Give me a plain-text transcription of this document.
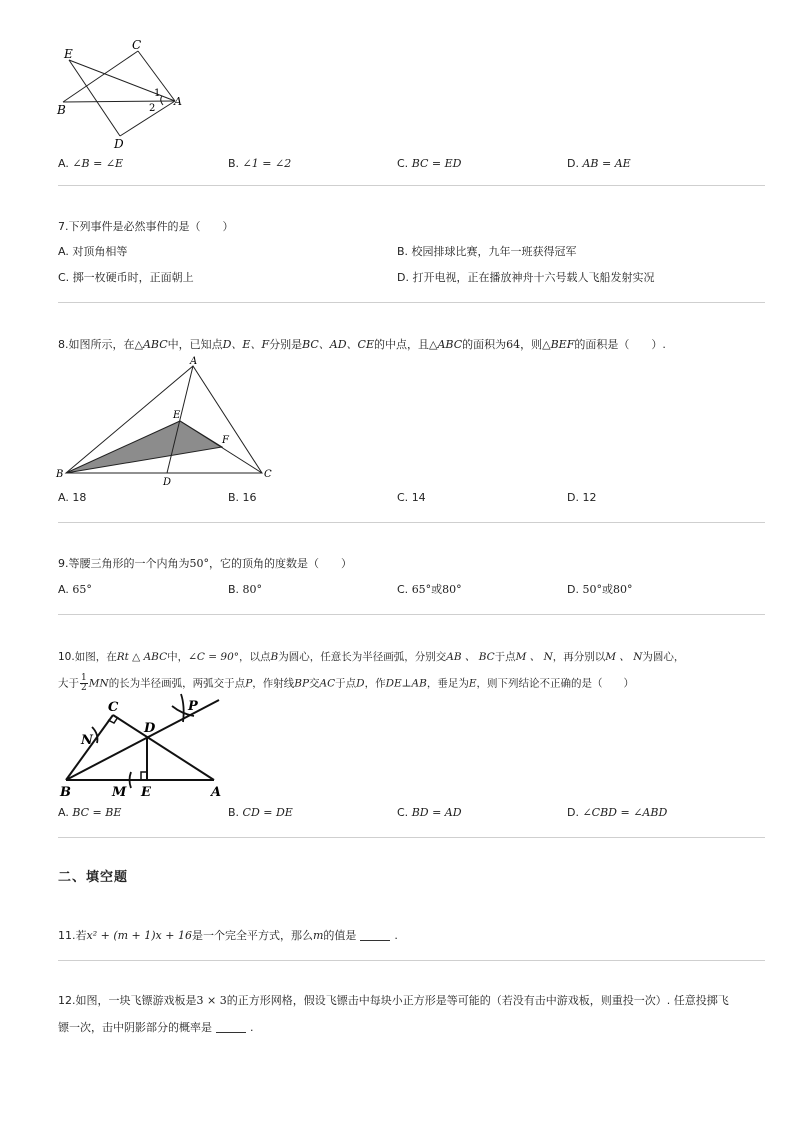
E
C
B
A
D
1
2
A. ∠B = ∠E	B. ∠1 = ∠2	C. BC = ED	D. AB = AE
7.下列事件是必然事件的是（　　）
A. 对顶角相等	B. 校园排球比赛，九年一班获得冠军
C. 掷一枚硬币时，正面朝上	D. 打开电视，正在播放神舟十六号载人飞船发射实况
8.如图所示，在△ABC中，已知点D、E、F分别是BC、AD、CE的中点，且△ABC的面积为64，则△BEF的面积是（　　）.
A
B	C
D
E
F
A. 18	B. 16	C. 14	D. 12
9.等腰三角形的一个内角为50°，它的顶角的度数是（　　）
A. 65°	B. 80°	C. 65°或80°	D. 50°或80°
10.如图，在Rt △ ABC中，∠C = 90°，以点B为圆心，任意长为半径画弧，分别交AB 、 BC于点M 、 N，再分别以M 、 N为圆心，
大于 $\frac{1}{2}$ MN的长为半径画弧，两弧交于点P，作射线BP交AC于点D，作DE⊥AB，垂足为E，则下列结论不正确的是（　　）
C
D
P
N
B	M E	A
A. BC = BE	B. CD = DE	C. BD = AD	D. ∠CBD = ∠ABD
二、填空题
11.若x² + (m + 1)x + 16是一个完全平方式，那么m的值是	.
12.如图，一块飞镖游戏板是3 × 3的正方形网格，假设飞镖击中每块小正方形是等可能的（若没有击中游戏板，则重投一次）. 任意投掷飞
镖一次，击中阴影部分的概率是	.
